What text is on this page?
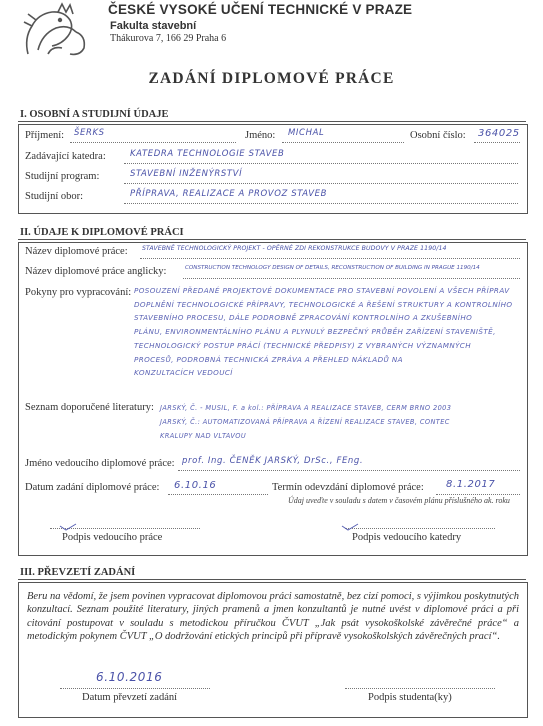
ČESKÉ VYSOKÉ UČENÍ TECHNICKÉ V PRAZE
Fakulta stavební
Thákurova 7, 166 29 Praha 6
ZADÁNÍ DIPLOMOVÉ PRÁCE
I. OSOBNÍ A STUDIJNÍ ÚDAJE
Příjmení: ŠERKS	Jméno: MICHAL	Osobní číslo: 364025
Zadávající katedra:	KATEDRA TECHNOLOGIE STAVEB
Studijní program:	STAVEBNÍ INŽENÝRSTVÍ
Studijní obor:	PŘÍPRAVA, REALIZACE A PROVOZ STAVEB
II. ÚDAJE K DIPLOMOVÉ PRÁCI
Název diplomové práce: STAVEBNĚ TECHNOLOGICKÝ PROJEKT - OPĚRNÉ ZDI REKONSTRUKCE BUDOVY V PRAZE 1190/14
Název diplomové práce anglicky:	CONSTRUCTION TECHNOLOGY DESIGN OF DETAILS, RECONSTRUCTION OF BUILDING IN PRAGUE 1190/14
Pokyny pro vypracování: POSOUZENÍ PŘEDANÉ PROJEKTOVÉ DOKUMENTACE PRO STAVEBNÍ POVOLENÍ A VŠECH PŘÍPRAV
DOPLNĚNÍ TECHNOLOGICKÉ PŘÍPRAVY, TECHNOLOGICKÉ A ŘEŠENÍ STRUKTURY A KONTROLNÍHO
STAVEBNÍHO PROCESU, DÁLE PODROBNĚ ZPRACOVÁNÍ KONTROLNÍHO A ZKUŠEBNÍHO
PLÁNU, ENVIRONMENTÁLNÍHO PLÁNU A PLYNULÝ BEZPEČNÝ PRŮBĚH ZAŘÍZENÍ STAVENIŠTĚ,
TECHNOLOGICKÝ POSTUP PRÁCÍ (TECHNICKÉ PŘEDPISY) Z VYBRANÝCH VÝZNAMNÝCH
PROCESŮ, PODROBNÁ TECHNICKÁ ZPRÁVA A PŘEHLED NÁKLADŮ NA
KONZULTACÍCH VEDOUCÍ
Seznam doporučené literatury: JARSKÝ, Č. - MUSIL, F. a kol.: PŘÍPRAVA A REALIZACE STAVEB, CERM BRNO 2003
JARSKÝ, Č.: AUTOMATIZOVANÁ PŘÍPRAVA A ŘÍZENÍ REALIZACE STAVEB, CONTEC
KRALUPY NAD VLTAVOU
Jméno vedoucího diplomové práce: prof. Ing. ČENĚK JARSKÝ, DrSc., FEng.
Datum zadání diplomové práce: 6.10.16	Termín odevzdání diplomové práce: 8.1.2017
Údaj uveďte v souladu s datem v časovém plánu příslušného ak. roku
Podpis vedoucího práce	Podpis vedoucího katedry
III. PŘEVZETÍ ZADÁNÍ
Beru na vědomí, že jsem povinen vypracovat diplomovou práci samostatně, bez cizí pomoci, s výjimkou poskytnutých konzultací. Seznam použité literatury, jiných pramenů a jmen konzultantů je nutné uvést v diplomové práci a při citování postupovat v souladu s metodickou příručkou ČVUT „Jak psát vysokoškolské závěrečné práce“ a metodickým pokynem ČVUT „O dodržování etických principů při přípravě vysokoškolských závěrečných prací“.
6.10.2016
Datum převzetí zadání	Podpis studenta(ky)
